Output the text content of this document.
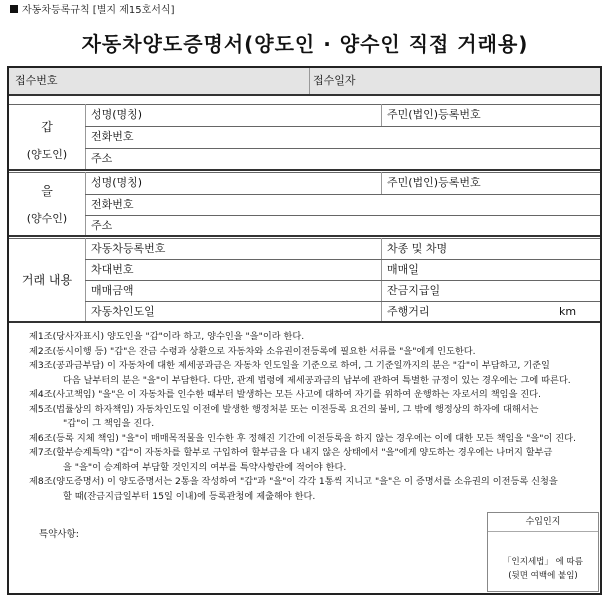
자동차등록규칙 [별지 제15호서식]
자동차양도증명서(양도인 · 양수인 직접 거래용)
접수번호	접수일자
갑
(양도인)
성명(명칭)	주민(법인)등록번호
전화번호
주소
을
(양수인)
성명(명칭)	주민(법인)등록번호
전화번호
주소
거래 내용
자동차등록번호	차종 및 차명
차대번호	매매일
매매금액	잔금지급일
자동차인도일	주행거리	km

제1조(당사자표시) 양도인을 "갑"이라 하고, 양수인을 "을"이라 한다.

제2조(동시이행 등) "갑"은 잔금 수령과 상환으로 자동차와 소유권이전등록에 필요한 서류를 "을"에게 인도한다.

제3조(공과금부담) 이 자동차에 대한 제세공과금은 자동차 인도일을 기준으로 하여, 그 기준일까지의 분은 "갑"이 부담하고, 기준일

다음 날부터의 분은 "을"이 부담한다. 다만, 관계 법령에 제세공과금의 납부에 관하여 특별한 규정이 있는 경우에는 그에 따른다.

제4조(사고책임) "을"은 이 자동차를 인수한 때부터 발생하는 모든 사고에 대하여 자기를 위하여 운행하는 자로서의 책임을 진다.

제5조(법률상의 하자책임) 자동차인도일 이전에 발생한 행정처분 또는 이전등록 요건의 불비, 그 밖에 행정상의 하자에 대해서는

"갑"이 그 책임을 진다.

제6조(등록 지체 책임) "을"이 매매목적물을 인수한 후 정해진 기간에 이전등록을 하지 않는 경우에는 이에 대한 모든 책임을 "을"이 진다.

제7조(할부승계특약) "갑"이 자동차를 할부로 구입하여 할부금을 다 내지 않은 상태에서 "을"에게 양도하는 경우에는 나머지 할부금

을 "을"이 승계하여 부담할 것인지의 여부를 특약사항란에 적어야 한다.

제8조(양도증명서) 이 양도증명서는 2통을 작성하여 "갑"과 "을"이 각각 1통씩 지니고 "을"은 이 증명서를 소유권의 이전등록 신청을

할 때(잔금지급일부터 15일 이내)에 등록관청에 제출해야 한다.

특약사항:
수입인지
「인지세법」 에 따름
(뒷면 여백에 붙임)
